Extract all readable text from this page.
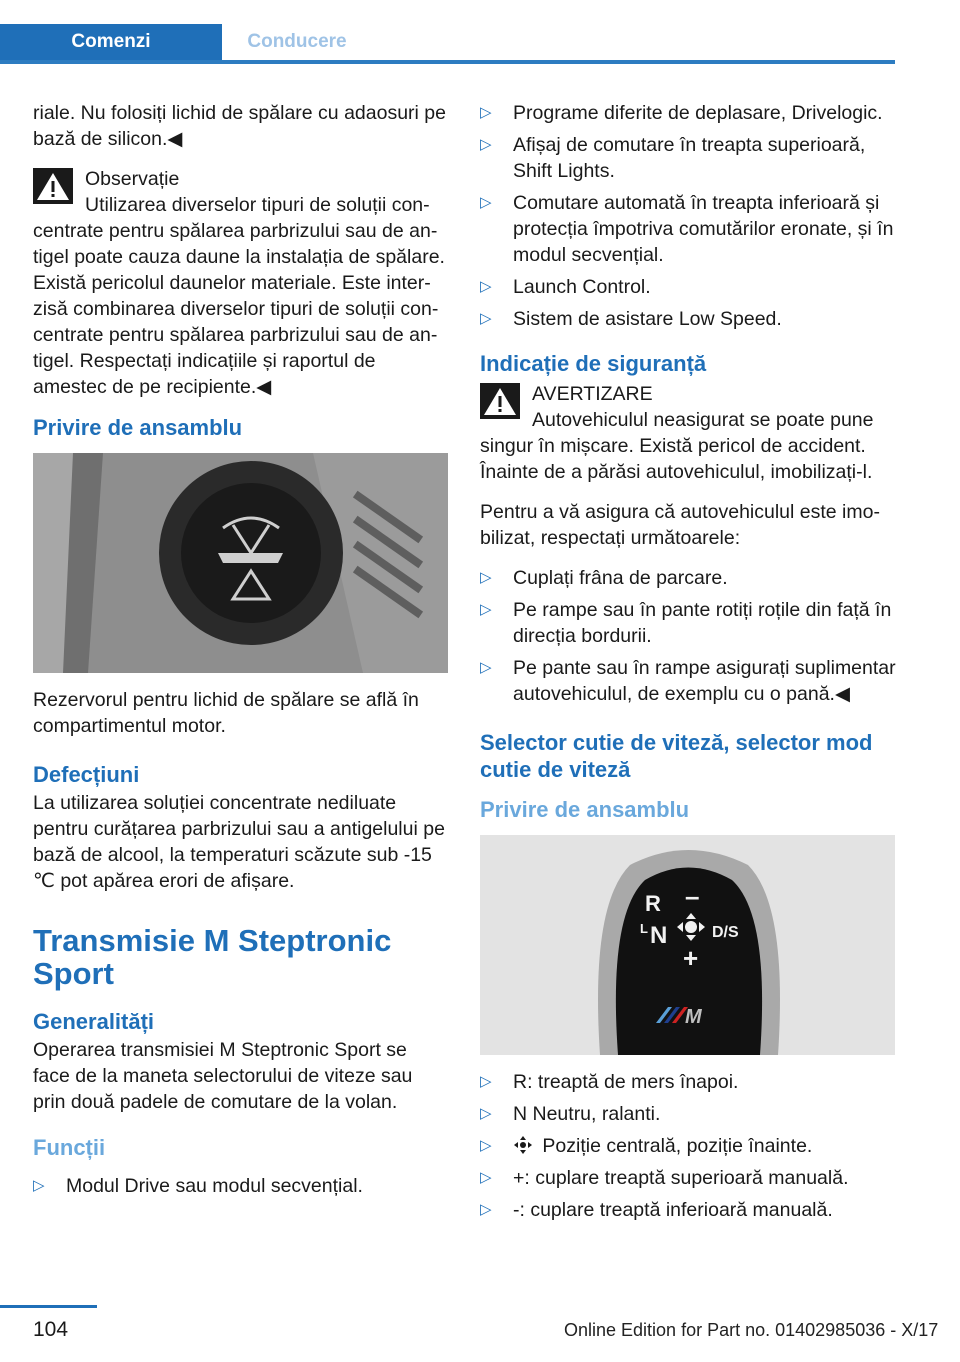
Comenzi	Conducere

riale. Nu folosiți lichid de spălare cu adaosuri pe bază de silicon.◀

Observație
Utilizarea diverselor tipuri de soluții concentrate pentru spălarea parbrizului sau de antigel poate cauza daune la instalația de spălare. Există pericolul daunelor materiale. Este interzisă combinarea diverselor tipuri de soluții concentrate pentru spălarea parbrizului sau de antigel. Respectați indicațiile și raportul de amestec de pe recipiente.◀
Privire de ansamblu

Rezervorul pentru lichid de spălare se află în compartimentul motor.

Defecțiuni

La utilizarea soluției concentrate nediluate pentru curățarea parbrizului sau a antigelului pe bază de alcool, la temperaturi scăzute sub -15 ℃ pot apărea erori de afișare.

Transmisie M Steptronic Sport
Generalități

Operarea transmisiei M Steptronic Sport se face de la maneta selectorului de viteze sau prin două padele de comutare de la volan.

Funcții
▷ Modul Drive sau modul secvențial.
▷ Programe diferite de deplasare, Drivelogic.
▷ Afișaj de comutare în treapta superioară, Shift Lights.
▷ Comutare automată în treapta inferioară și protecția împotriva comutărilor eronate, și în modul secvențial.
▷ Launch Control.
▷ Sistem de asistare Low Speed.
Indicație de siguranță
AVERTIZARE
Autovehiculul neasigurat se poate pune singur în mișcare. Există pericol de accident. Înainte de a părăsi autovehiculul, imobilizați-l.

Pentru a vă asigura că autovehiculul este imobilizat, respectați următoarele:

▷ Cuplați frâna de parcare.
▷ Pe rampe sau în pante rotiți roțile din față în direcția bordurii.
▷ Pe pante sau în rampe asigurați suplimentar autovehiculul, de exemplu cu o pană.◀
Selector cutie de viteză, selector mod cutie de viteză
Privire de ansamblu
R –
L N	D/S
+
M
▷ R: treaptă de mers înapoi.
▷ N Neutru, ralanti.
▷	Poziție centrală, poziție înainte.
▷ +: cuplare treaptă superioară manuală.
▷ -: cuplare treaptă inferioară manuală.
104	Online Edition for Part no. 01402985036 - X/17
